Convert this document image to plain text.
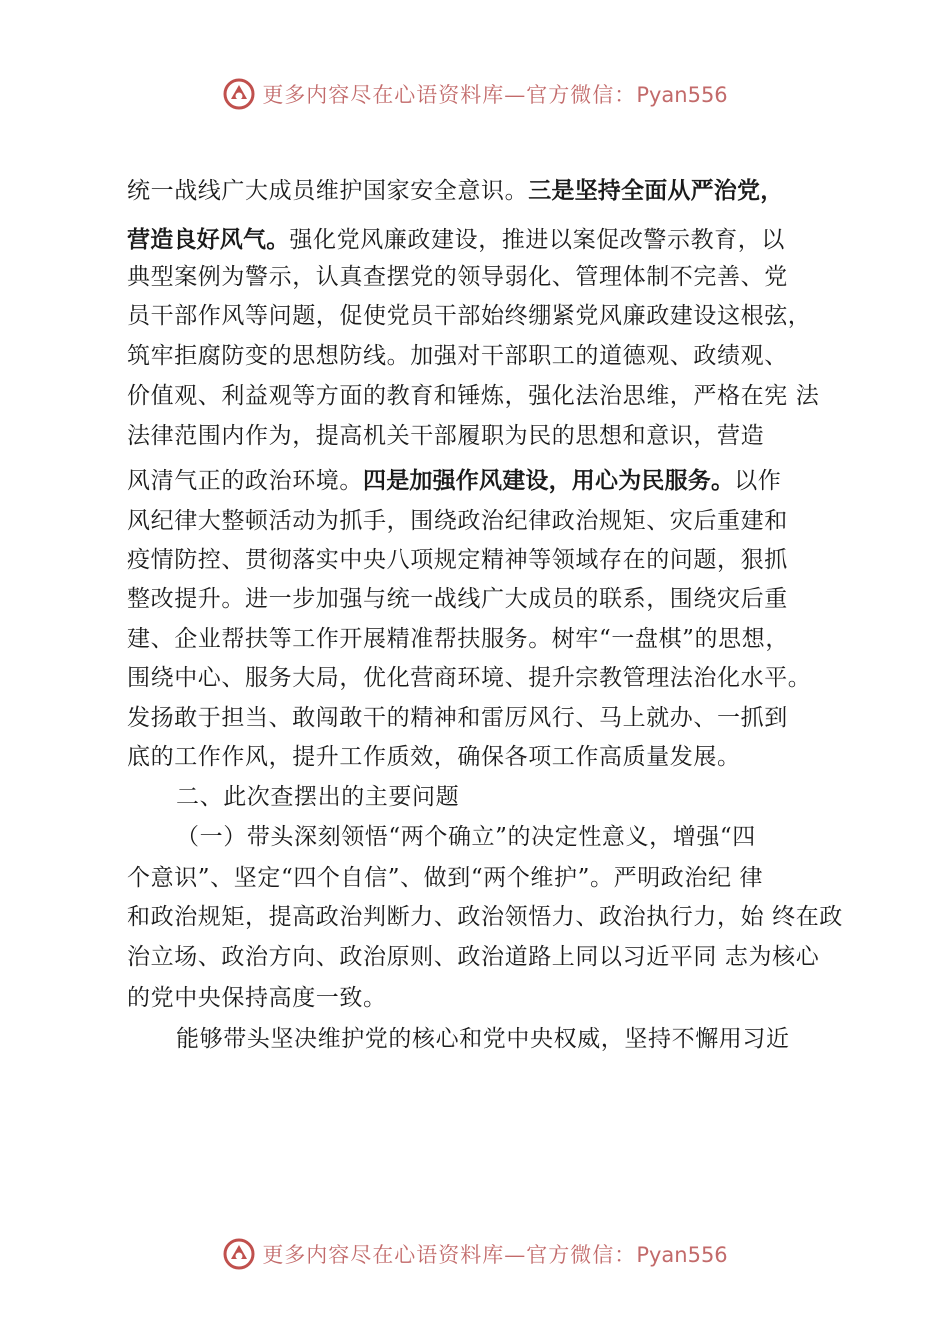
更多内容尽在心语资料库—官方微信：Pyan556
统一战线广大成员维护国家安全意识。三是坚持全面从严治党，
营造良好风气。强化党风廉政建设，推进以案促改警示教育，以
典型案例为警示，认真查摆党的领导弱化、管理体制不完善、党
员干部作风等问题，促使党员干部始终绷紧党风廉政建设这根弦，
筑牢拒腐防变的思想防线。加强对干部职工的道德观、政绩观、
价值观、利益观等方面的教育和锤炼，强化法治思维，严格在宪 法
法律范围内作为，提高机关干部履职为民的思想和意识，营造
风清气正的政治环境。四是加强作风建设，用心为民服务。以作
风纪律大整顿活动为抓手，围绕政治纪律政治规矩、灾后重建和
疫情防控、贯彻落实中央八项规定精神等领域存在的问题，狠抓
整改提升。进一步加强与统一战线广大成员的联系，围绕灾后重
建、企业帮扶等工作开展精准帮扶服务。树牢“一盘棋”的思想，
围绕中心、服务大局，优化营商环境、提升宗教管理法治化水平。
发扬敢于担当、敢闯敢干的精神和雷厉风行、马上就办、一抓到
底的工作作风，提升工作质效，确保各项工作高质量发展。
二、此次查摆出的主要问题
（一）带头深刻领悟“两个确立”的决定性意义，增强“四
个意识”、坚定“四个自信”、做到“两个维护”。严明政治纪 律
和政治规矩，提高政治判断力、政治领悟力、政治执行力，始 终在政
治立场、政治方向、政治原则、政治道路上同以习近平同 志为核心
的党中央保持高度一致。
能够带头坚决维护党的核心和党中央权威，坚持不懈用习近
更多内容尽在心语资料库—官方微信：Pyan556
